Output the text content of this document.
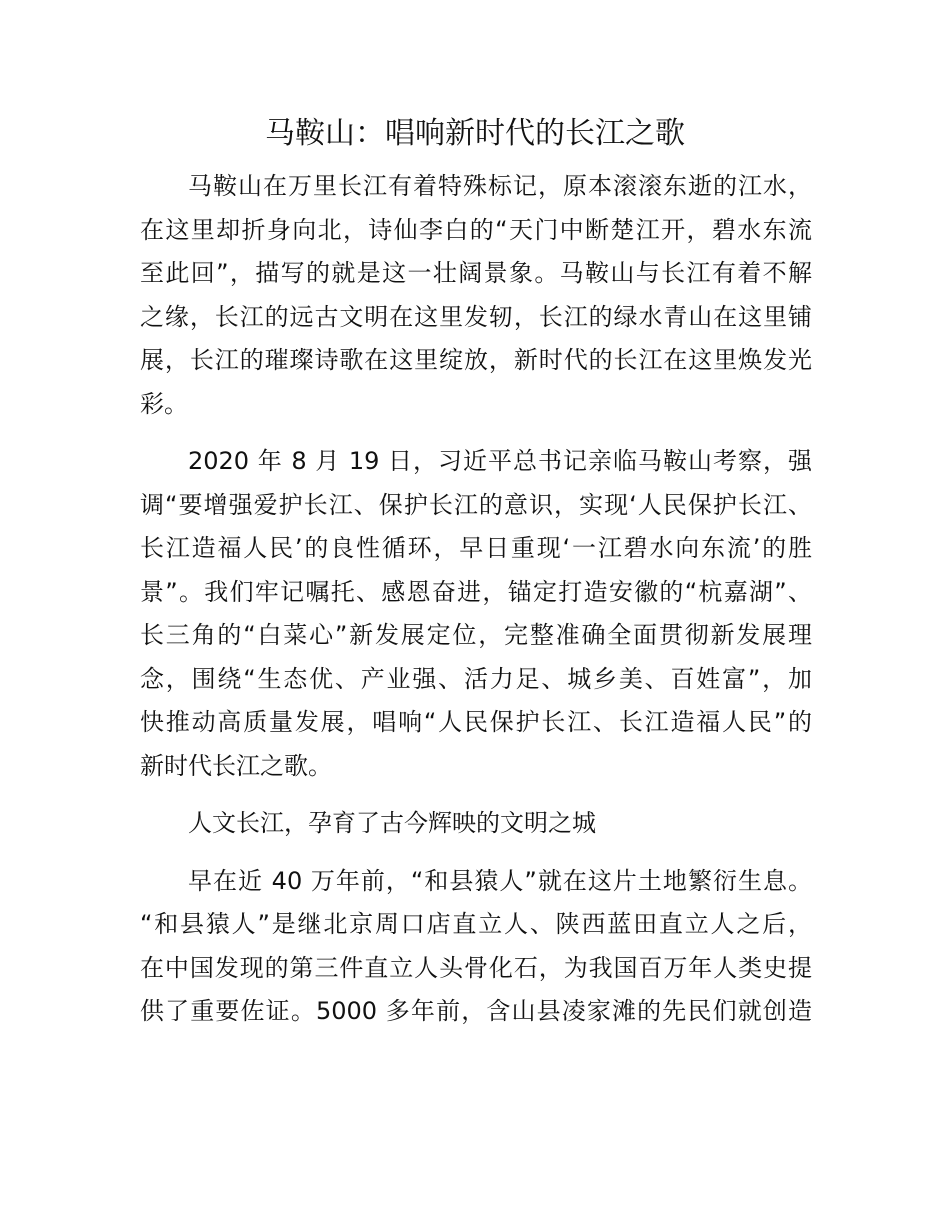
马鞍山：唱响新时代的长江之歌
马鞍山在万里长江有着特殊标记，原本滚滚东逝的江水，
在这里却折身向北，诗仙李白的“天门中断楚江开，碧水东流
至此回”，描写的就是这一壮阔景象。马鞍山与长江有着不解
之缘，长江的远古文明在这里发轫，长江的绿水青山在这里铺
展，长江的璀璨诗歌在这里绽放，新时代的长江在这里焕发光
彩。
2020 年 8 月 19 日，习近平总书记亲临马鞍山考察，强
调“要增强爱护长江、保护长江的意识，实现‘人民保护长江、
长江造福人民’的良性循环，早日重现‘一江碧水向东流’的胜
景”。我们牢记嘱托、感恩奋进，锚定打造安徽的“杭嘉湖”、
长三角的“白菜心”新发展定位，完整准确全面贯彻新发展理
念，围绕“生态优、产业强、活力足、城乡美、百姓富”，加
快推动高质量发展，唱响“人民保护长江、长江造福人民”的
新时代长江之歌。
人文长江，孕育了古今辉映的文明之城
早在近 40 万年前，“和县猿人”就在这片土地繁衍生息。
“和县猿人”是继北京周口店直立人、陕西蓝田直立人之后，
在中国发现的第三件直立人头骨化石，为我国百万年人类史提
供了重要佐证。5000 多年前，含山县凌家滩的先民们就创造
